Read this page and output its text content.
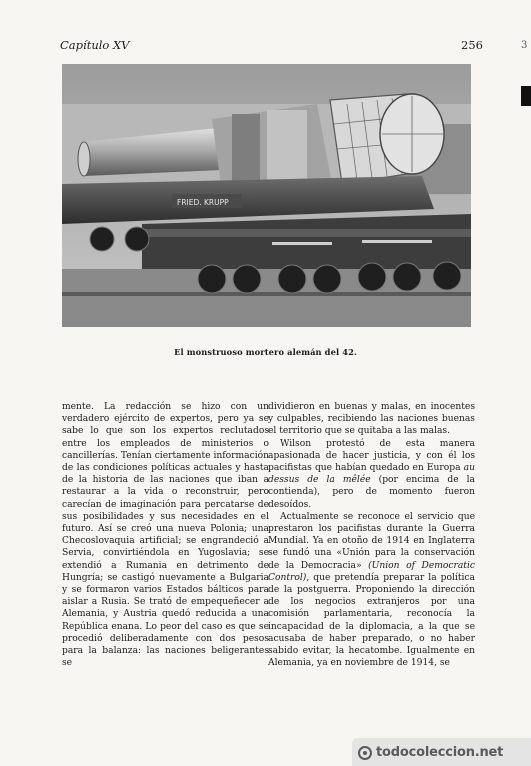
Capítulo XV	256	3
FRIED. KRUPP
El monstruoso mortero alemán del 42.

mente. La redacción se hizo con un verdadero ejército de expertos, pero ya se sabe lo que son los expertos reclutados entre los empleados de ministerios o cancillerías. Tenían ciertamente información de las condiciones políticas actuales y hasta de la historia de las naciones que iban a restaurar a la vida o reconstruir, pero carecían de imaginación para percatarse de sus posibilidades y sus necesidades en el futuro. Así se creó una nueva Polonia; una Checoslovaquia artificial; se engrandeció a Servia, convirtiéndola en Yugoslavia; se extendió a Rumania en detrimento de Hungría; se castigó nuevamente a Bulgaria y se formaron varios Estados bálticos para aislar a Rusia. Se trató de empequeñecer a Alemania, y Austria quedó reducida a una República enana. Lo peor del caso es que se procedió deliberadamente con dos pesos para la balanza: las naciones beligerantes se

dividieron en buenas y malas, en inocentes y culpables, recibiendo las naciones buenas el territorio que se quitaba a las malas.

Wilson protestó de esta manera apasionada de hacer justicia, y con él los pacifistas que habían quedado en Europa au dessus de la mêlée (por encima de la contienda), pero de momento fueron desoídos.

Actualmente se reconoce el servicio que prestaron los pacifistas durante la Guerra Mundial. Ya en otoño de 1914 en Inglaterra se fundó una «Unión para la conservación de la Democracia» (Union of Democratic Control), que pretendía preparar la política de la postguerra. Proponiendo la dirección de los negocios extranjeros por una comisión parlamentaria, reconocía la incapacidad de la diplomacia, a la que se acusaba de haber preparado, o no haber sabido evitar, la hecatombe. Igualmente en Alemania, ya en noviembre de 1914, se

todocoleccion.net
